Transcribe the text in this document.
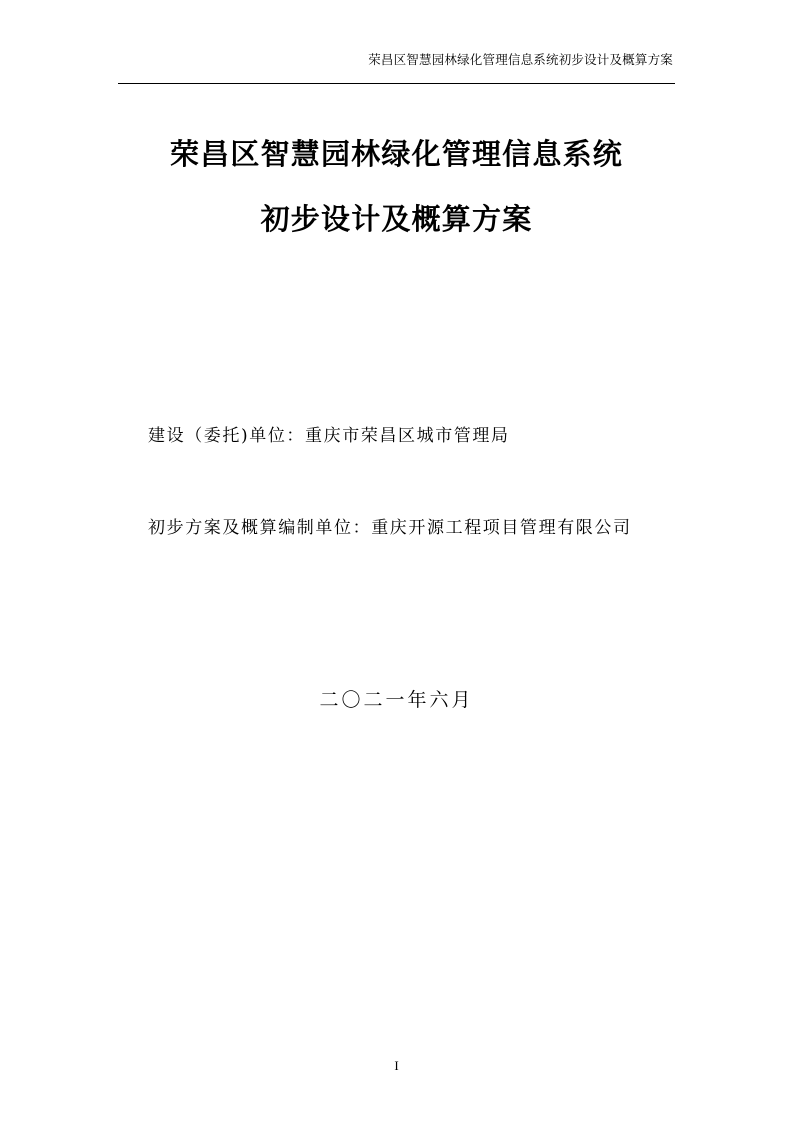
荣昌区智慧园林绿化管理信息系统初步设计及概算方案
荣昌区智慧园林绿化管理信息系统
初步设计及概算方案
建设（委托)单位：重庆市荣昌区城市管理局
初步方案及概算编制单位：重庆开源工程项目管理有限公司
二〇二一年六月
I
